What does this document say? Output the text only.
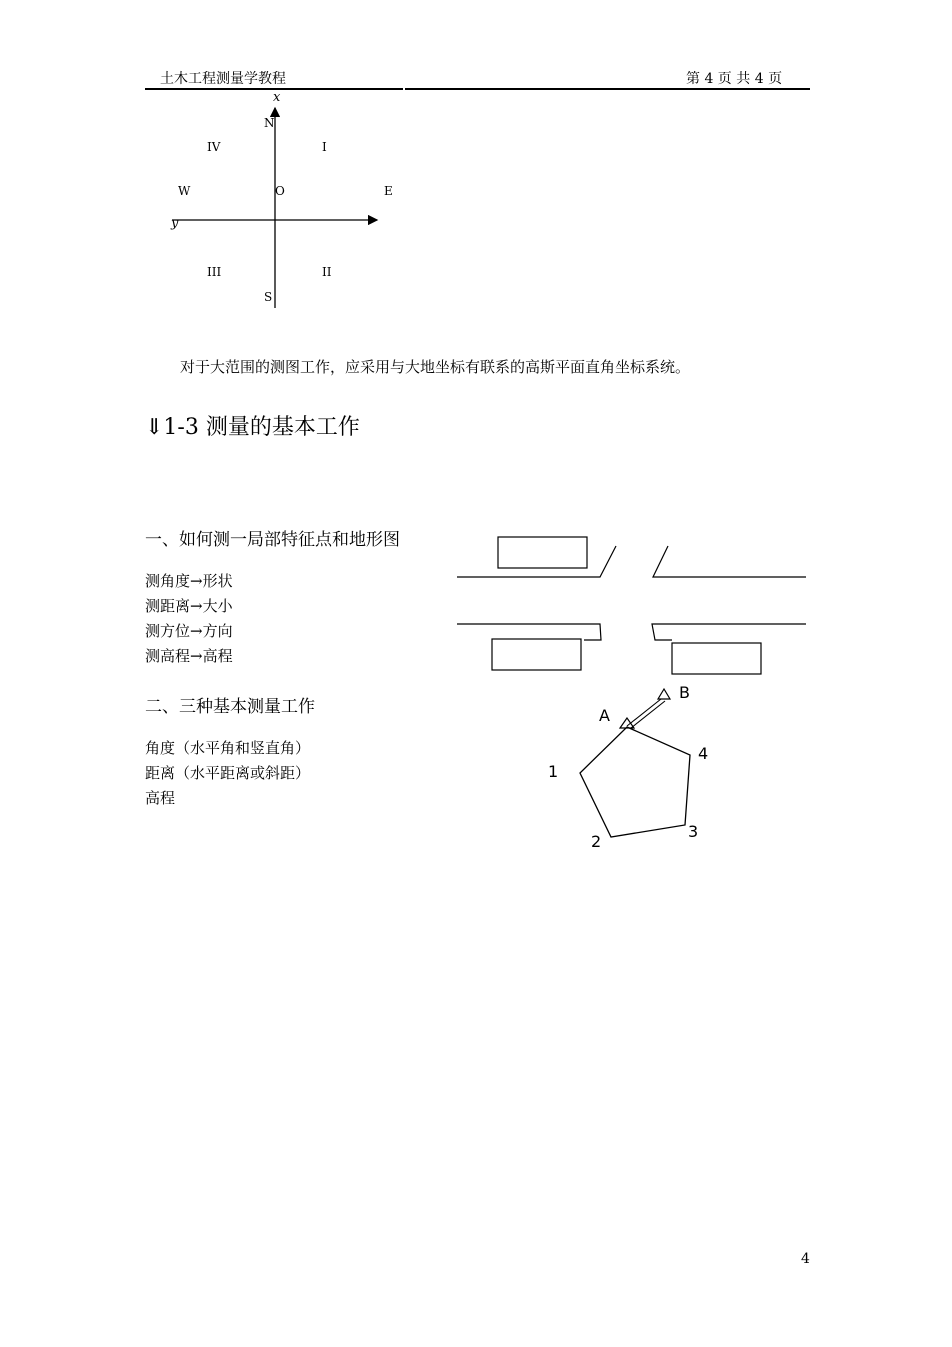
土木工程测量学教程	第 4 页 共 4 页
x
y
N
S
E
W	O
I
II
III
IV
对于大范围的测图工作，应采用与大地坐标有联系的高斯平面直角坐标系统。
⇓1-3 测量的基本工作
一、如何测一局部特征点和地形图
测角度→形状
测距离→大小
测方位→方向
测高程→高程
二、三种基本测量工作
角度（水平角和竖直角）
距离（水平距离或斜距）
高程
A
B
1
2
3
4
4
